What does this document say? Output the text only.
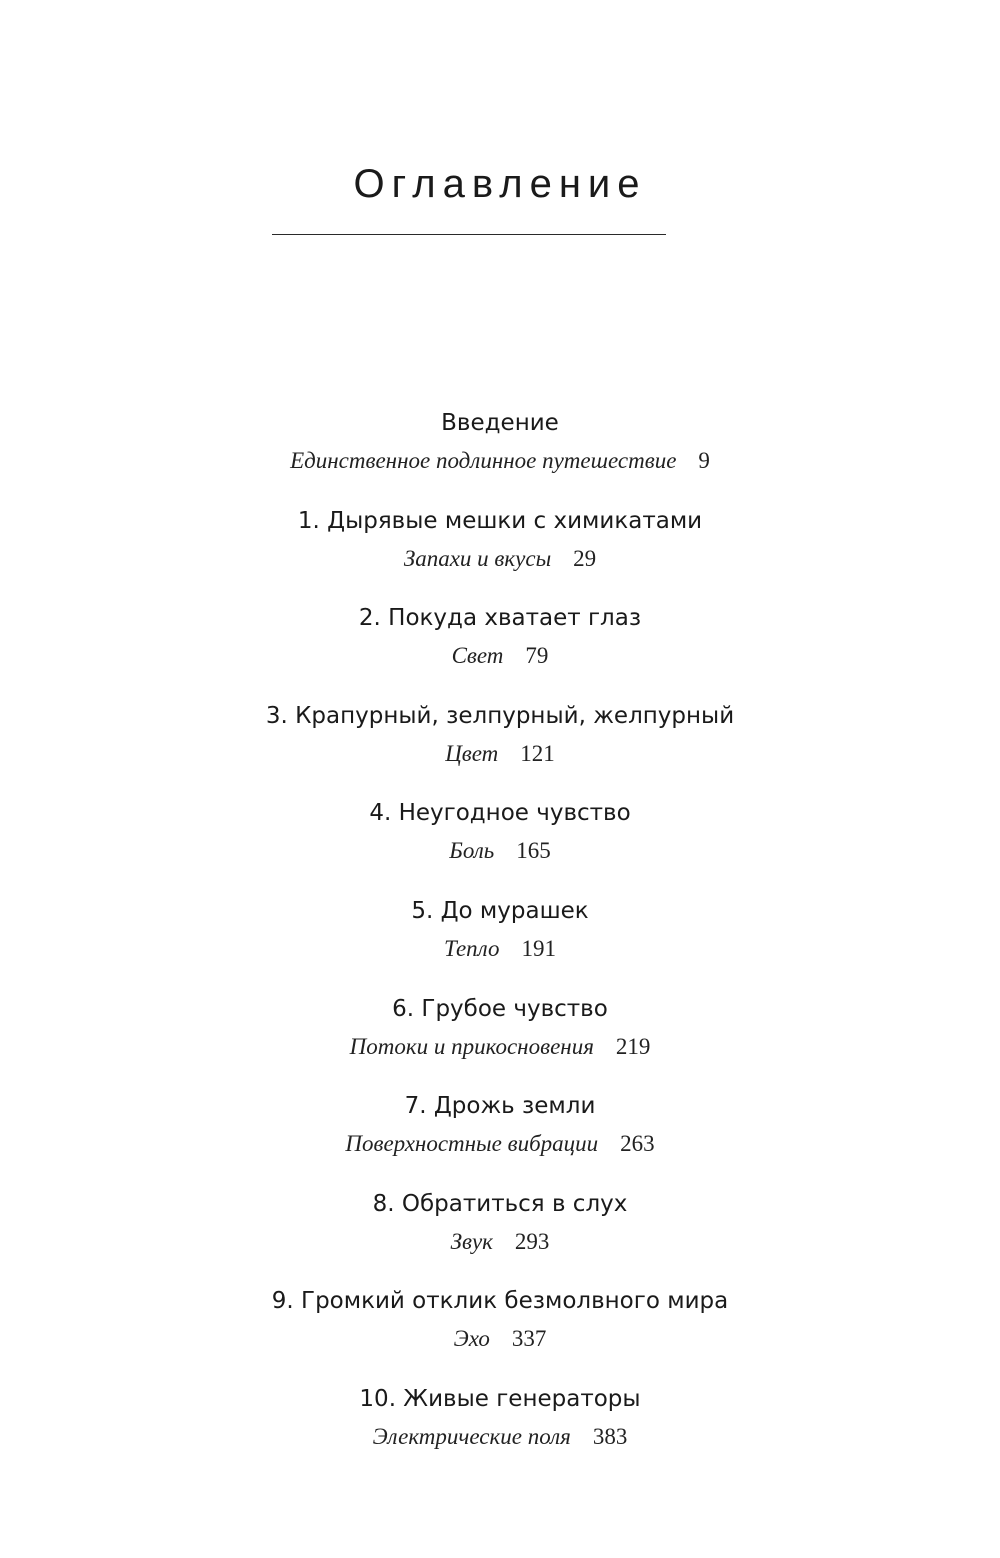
Оглавление
Введение
Единственное подлинное путешествие 9
1. Дырявые мешки с химикатами
Запахи и вкусы 29
2. Покуда хватает глаз
Свет 79
3. Крапурный, зелпурный, желпурный
Цвет 121
4. Неугодное чувство
Боль 165
5. До мурашек
Тепло 191
6. Грубое чувство
Потоки и прикосновения 219
7. Дрожь земли
Поверхностные вибрации 263
8. Обратиться в слух
Звук 293
9. Громкий отклик безмолвного мира
Эхо 337
10. Живые генераторы
Электрические поля 383
